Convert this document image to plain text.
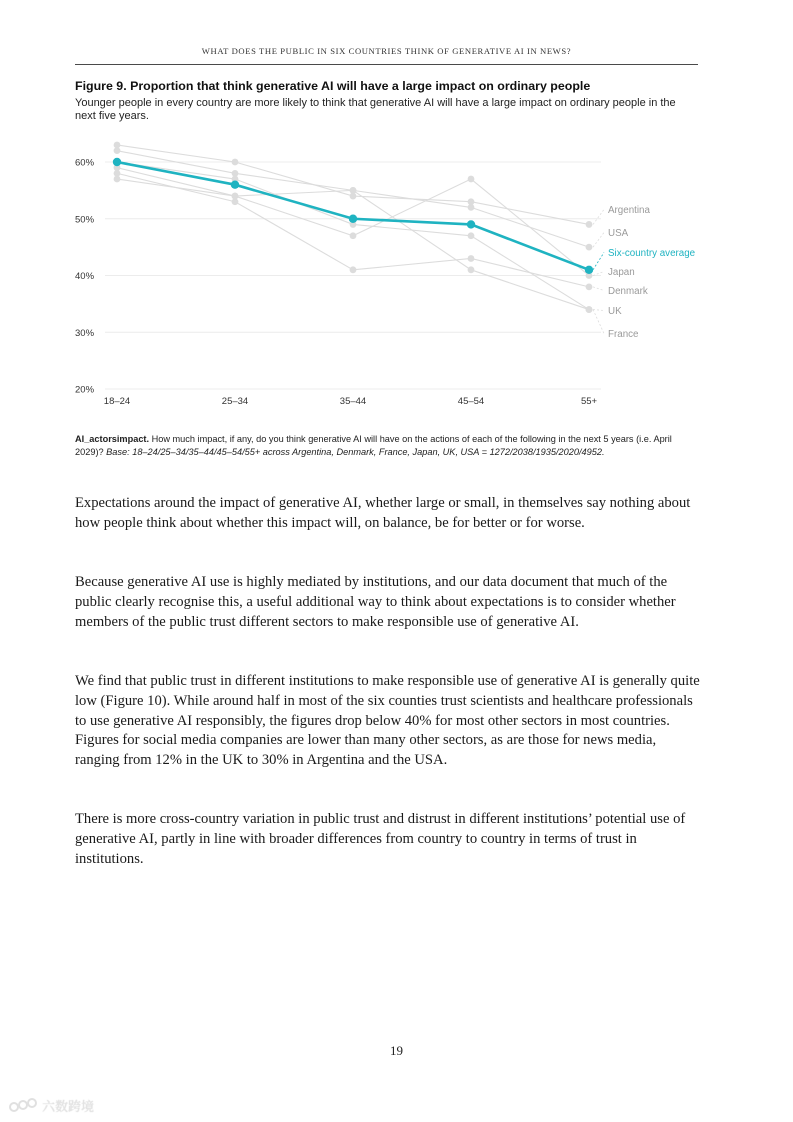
WHAT DOES THE PUBLIC IN SIX COUNTRIES THINK OF GENERATIVE AI IN NEWS?
Figure 9. Proportion that think generative AI will have a large impact on ordinary people
Younger people in every country are more likely to think that generative AI will have a large impact on ordinary people in the next five years.
20%
30%
40%
50%
60%
18–24	25–34	35–44	45–54	55+
Argentina
USA
Japan
Denmark
UK
France
Six-country average
AI_actorsimpact. How much impact, if any, do you think generative AI will have on the actions of each of the following in the next 5 years (i.e. April 2029)? Base: 18–24/25–34/35–44/45–54/55+ across Argentina, Denmark, France, Japan, UK, USA = 1272/2038/1935/2020/4952.

Expectations around the impact of generative AI, whether large or small, in themselves say nothing about how people think about whether this impact will, on balance, be for better or for worse.

Because generative AI use is highly mediated by institutions, and our data document that much of the public clearly recognise this, a useful additional way to think about expectations is to consider whether members of the public trust different sectors to make responsible use of generative AI.

We find that public trust in different institutions to make responsible use of generative AI is generally quite low (Figure 10). While around half in most of the six counties trust scientists and healthcare professionals to use generative AI responsibly, the figures drop below 40% for most other sectors in most countries. Figures for social media companies are lower than many other sectors, as are those for news media, ranging from 12% in the UK to 30% in Argentina and the USA.

There is more cross-country variation in public trust and distrust in different institutions’ potential use of generative AI, partly in line with broader differences from country to country in terms of trust in institutions.

19
六数跨境
